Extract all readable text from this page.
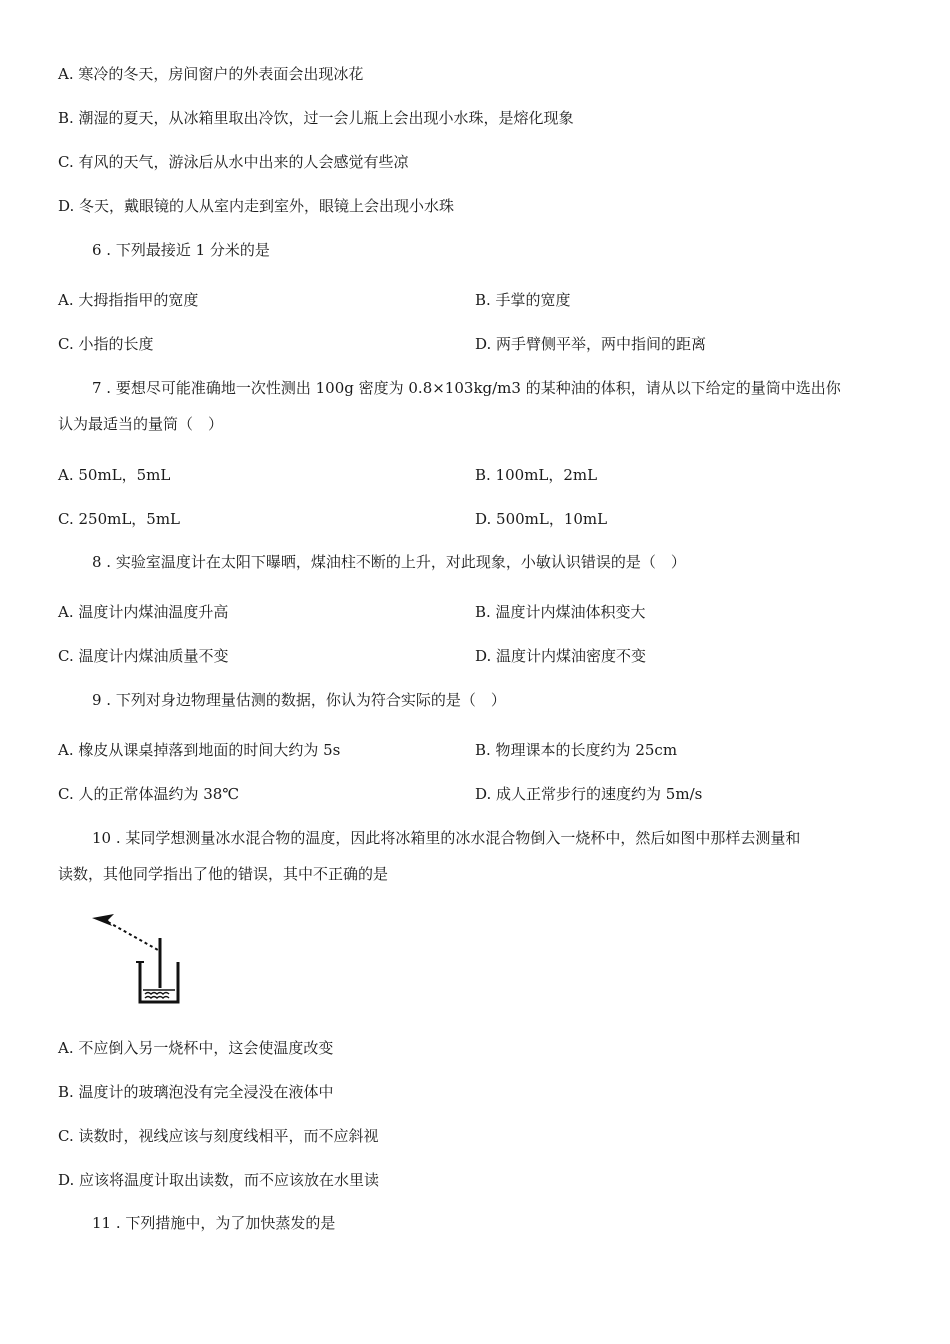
A. 寒冷的冬天，房间窗户的外表面会出现冰花
B. 潮湿的夏天，从冰箱里取出冷饮，过一会儿瓶上会出现小水珠，是熔化现象
C. 有风的天气，游泳后从水中出来的人会感觉有些凉
D. 冬天，戴眼镜的人从室内走到室外，眼镜上会出现小水珠
6 . 下列最接近 1 分米的是
A. 大拇指指甲的宽度	B. 手掌的宽度
C. 小指的长度	D. 两手臂侧平举，两中指间的距离
7 . 要想尽可能准确地一次性测出 100g 密度为 0.8×103kg/m3 的某种油的体积，请从以下给定的量筒中选出你
认为最适当的量筒（　）
A. 50mL，5mL	B. 100mL，2mL
C. 250mL，5mL	D. 500mL，10mL
8 . 实验室温度计在太阳下曝晒，煤油柱不断的上升，对此现象，小敏认识错误的是（　）
A. 温度计内煤油温度升高	B. 温度计内煤油体积变大
C. 温度计内煤油质量不变	D. 温度计内煤油密度不变
9 . 下列对身边物理量估测的数据，你认为符合实际的是（　）
A. 橡皮从课桌掉落到地面的时间大约为 5s	B. 物理课本的长度约为 25cm
C. 人的正常体温约为 38℃	D. 成人正常步行的速度约为 5m/s
10 . 某同学想测量冰水混合物的温度，因此将冰箱里的冰水混合物倒入一烧杯中，然后如图中那样去测量和
读数，其他同学指出了他的错误，其中不正确的是
A. 不应倒入另一烧杯中，这会使温度改变
B. 温度计的玻璃泡没有完全浸没在液体中
C. 读数时，视线应该与刻度线相平，而不应斜视
D. 应该将温度计取出读数，而不应该放在水里读
11 . 下列措施中，为了加快蒸发的是
